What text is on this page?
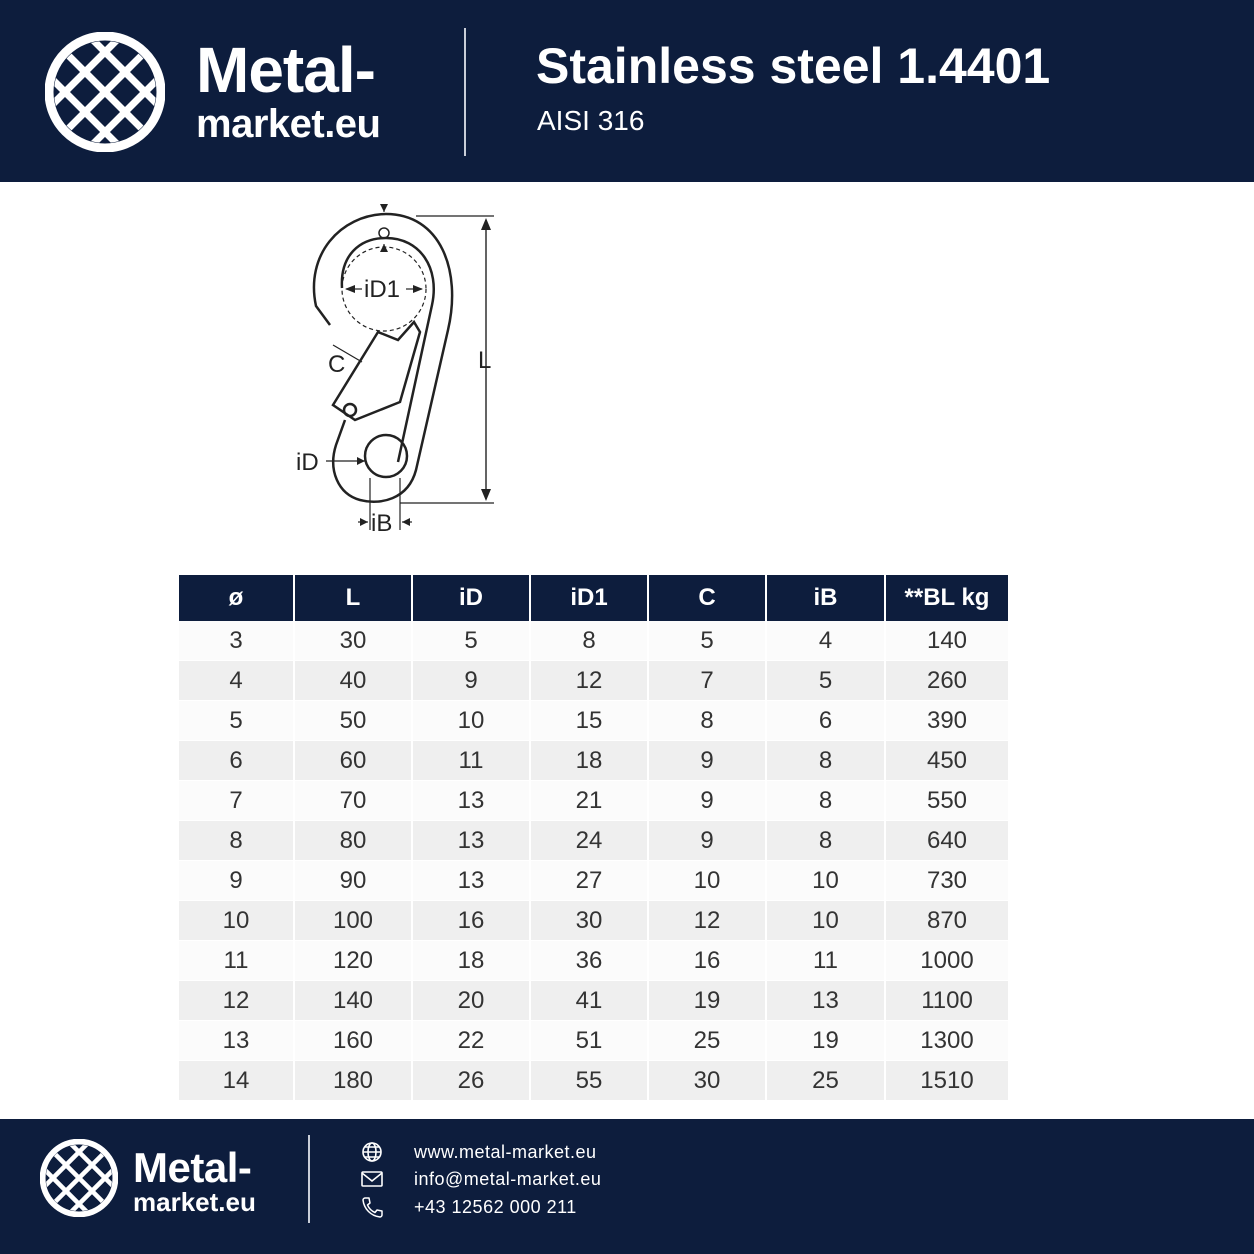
Metal-
market.eu
Stainless steel 1.4401
AISI 316
iD1
C	L
iD
iB
ø	L	iD	iD1	C	iB	**BL kg
3	30	5	8	5	4	140
4	40	9	12	7	5	260
5	50	10	15	8	6	390
6	60	11	18	9	8	450
7	70	13	21	9	8	550
8	80	13	24	9	8	640
9	90	13	27	10	10	730
10	100	16	30	12	10	870
11	120	18	36	16	11	1000
12	140	20	41	19	13	1100
13	160	22	51	25	19	1300
14	180	26	55	30	25	1510
Metal-
market.eu
www.metal-market.eu
info@metal-market.eu
+43 12562 000 211
